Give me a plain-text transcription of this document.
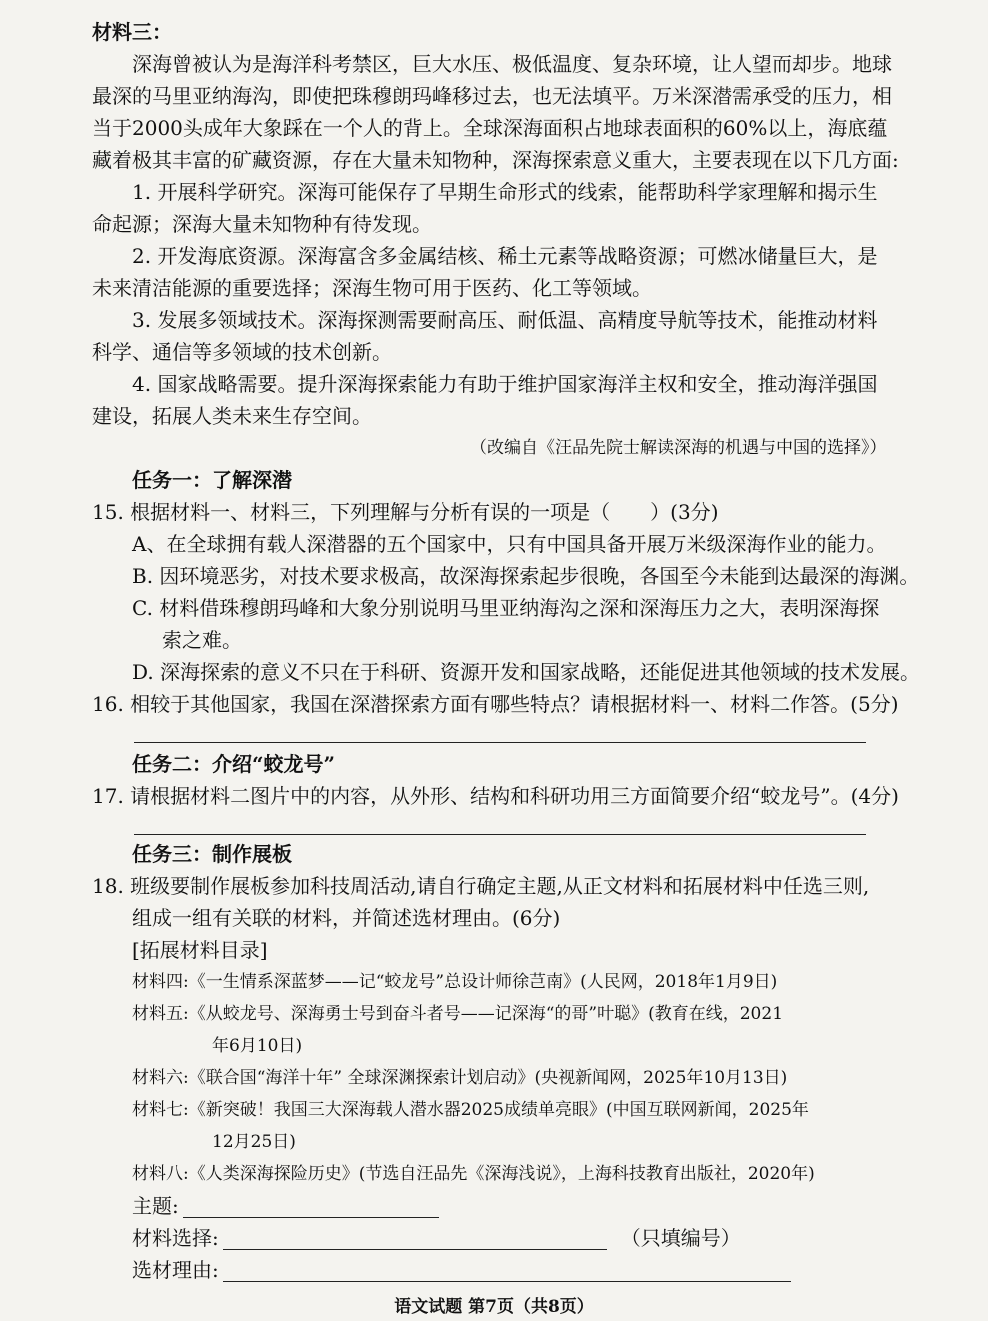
材料三：
深海曾被认为是海洋科考禁区，巨大水压、极低温度、复杂环境，让人望而却步。地球
最深的马里亚纳海沟，即使把珠穆朗玛峰移过去，也无法填平。万米深潜需承受的压力，相
当于2000头成年大象踩在一个人的背上。全球深海面积占地球表面积的60%以上，海底蕴
藏着极其丰富的矿藏资源，存在大量未知物种，深海探索意义重大，主要表现在以下几方面:
1. 开展科学研究。深海可能保存了早期生命形式的线索，能帮助科学家理解和揭示生
命起源；深海大量未知物种有待发现。
2. 开发海底资源。深海富含多金属结核、稀土元素等战略资源；可燃冰储量巨大，是
未来清洁能源的重要选择；深海生物可用于医药、化工等领域。
3. 发展多领域技术。深海探测需要耐高压、耐低温、高精度导航等技术，能推动材料
科学、通信等多领域的技术创新。
4. 国家战略需要。提升深海探索能力有助于维护国家海洋主权和安全，推动海洋强国
建设，拓展人类未来生存空间。
（改编自《汪品先院士解读深海的机遇与中国的选择》）
任务一：了解深潜
15. 根据材料一、材料三，下列理解与分析有误的一项是（　　）(3分)
A、在全球拥有载人深潜器的五个国家中，只有中国具备开展万米级深海作业的能力。
B. 因环境恶劣，对技术要求极高，故深海探索起步很晚，各国至今未能到达最深的海渊。
C. 材料借珠穆朗玛峰和大象分别说明马里亚纳海沟之深和深海压力之大，表明深海探
索之难。
D. 深海探索的意义不只在于科研、资源开发和国家战略，还能促进其他领域的技术发展。
16. 相较于其他国家，我国在深潜探索方面有哪些特点？请根据材料一、材料二作答。(5分)
任务二：介绍“蛟龙号”
17. 请根据材料二图片中的内容，从外形、结构和科研功用三方面简要介绍“蛟龙号”。(4分)
任务三：制作展板
18. 班级要制作展板参加科技周活动,请自行确定主题,从正文材料和拓展材料中任选三则,
组成一组有关联的材料，并简述选材理由。(6分)
[拓展材料目录]
材料四:《一生情系深蓝梦——记“蛟龙号”总设计师徐芑南》(人民网，2018年1月9日)
材料五:《从蛟龙号、深海勇士号到奋斗者号——记深海“的哥”叶聪》(教育在线，2021
年6月10日)
材料六:《联合国“海洋十年” 全球深渊探索计划启动》(央视新闻网，2025年10月13日)
材料七:《新突破！我国三大深海载人潜水器2025成绩单亮眼》(中国互联网新闻，2025年
12月25日)
材料八:《人类深海探险历史》(节选自汪品先《深海浅说》，上海科技教育出版社，2020年)
主题:
材料选择:	（只填编号）
选材理由:
语文试题 第7页（共8页）
